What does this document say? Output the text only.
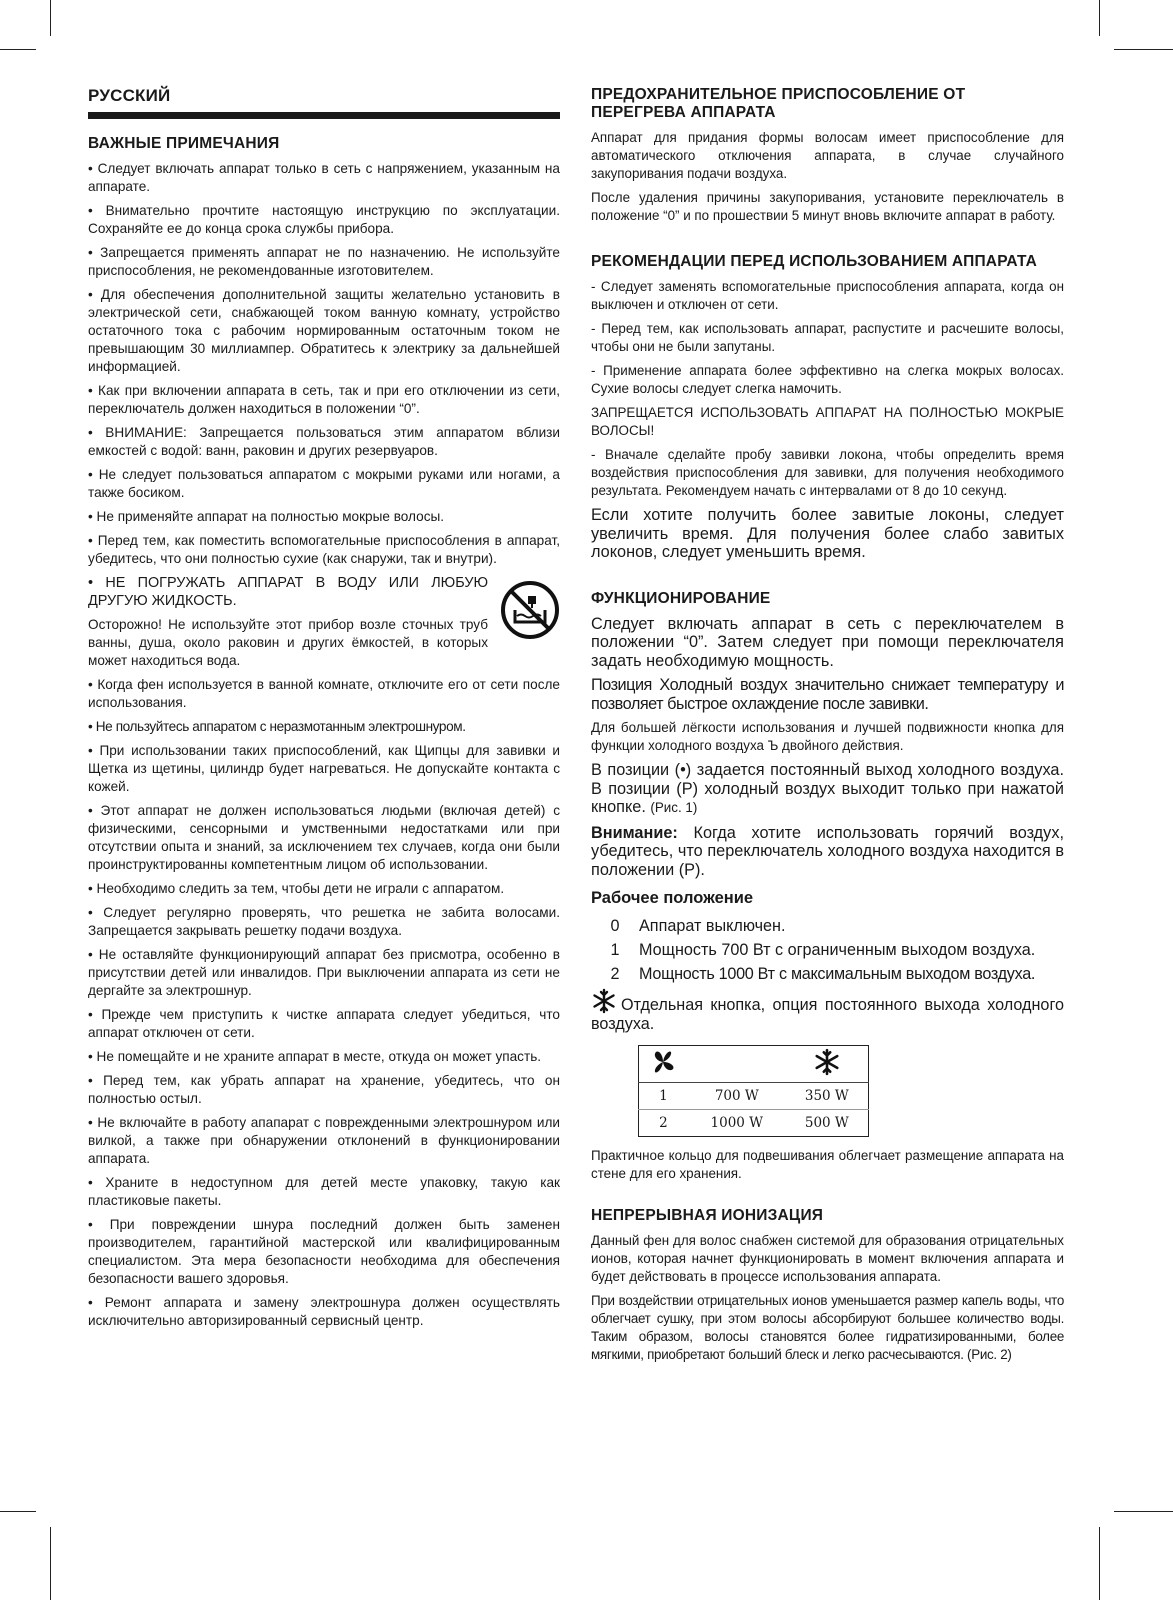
РУССКИЙ
ВАЖНЫЕ ПРИМЕЧАНИЯ

• Следует включать аппарат только в сеть с напряжением, указанным на аппарате.

• Внимательно прочтите настоящую инструкцию по эксплуатации. Сохраняйте ее до конца срока службы прибора.

• Запрещается применять аппарат не по назначению. Не используйте приспособления, не рекомендованные изготовителем.

• Для обеспечения дополнительной защиты желательно установить в электрической сети, снабжающей током ванную комнату, устройство остаточного тока с рабочим нормированным остаточным током не превышающим 30 миллиампер. Обратитесь к электрику за дальнейшей информацией.

• Как при включении аппарата в сеть, так и при его отключении из сети, переключатель должен находиться в положении “0”.

• ВНИМАНИЕ: Запрещается пользоваться этим аппаратом вблизи емкостей с водой: ванн, раковин и других резервуаров.

• Не следует пользоваться аппаратом с мокрыми руками или ногами, а также босиком.

• Не применяйте аппарат на полностью мокрые волосы.

• Перед тем, как поместить вспомогательные приспособления в аппарат, убедитесь, что они полностью сухие (как снаружи, так и внутри).

• НЕ ПОГРУЖАТЬ АППАРАТ В ВОДУ ИЛИ ЛЮБУЮ ДРУГУЮ ЖИДКОСТЬ.

Осторожно! Не используйте этот прибор возле сточных труб ванны, душа, около раковин и других ёмкостей, в которых может находиться вода.

• Когда фен используется в ванной комнате, отключите его от сети после использования.

• Не пользуйтесь аппаратом с неразмотанным электрошнуром.

• При использовании таких приспособлений, как Щипцы для завивки и Щетка из щетины, цилиндр будет нагреваться. Не допускайте контакта с кожей.

• Этот аппарат не должен использоваться людьми (включая детей) с физическими, сенсорными и умственными недостатками или при отсутствии опыта и знаний, за исключением тех случаев, когда они были проинструктированны компетентным лицом об использовании.

• Необходимо следить за тем, чтобы дети не играли с аппаратом.

• Следует регулярно проверять, что решетка не забита волосами. Запрещается закрывать решетку подачи воздуха.

• Не оставляйте функционирующий аппарат без присмотра, особенно в присутствии детей или инвалидов. При выключении аппарата из сети не дергайте за электрошнур.

• Прежде чем приступить к чистке аппарата следует убедиться, что аппарат отключен от сети.

• Не помещайте и не храните аппарат в месте, откуда он может упасть.

• Перед тем, как убрать аппарат на хранение, убедитесь, что он полностью остыл.

• Не включайте в работу апапарат с поврежденными электрошнуром или вилкой, а также при обнаружении отклонений в функционировании аппарата.

• Храните в недоступном для детей месте упаковку, такую как пластиковые пакеты.

• При повреждении шнура последний должен быть заменен производителем, гарантийной мастерской или квалифицированным специалистом. Эта мера безопасности необходима для обеспечения безопасности вашего здоровья.

• Ремонт аппарата и замену электрошнура должен осуществлять исключительно авторизированный сервисный центр.

ПРЕДОХРАНИТЕЛЬНОЕ ПРИСПОСОБЛЕНИЕ ОТ ПЕРЕГРЕВА АППАРАТА

Аппарат для придания формы волосам имеет приспособление для автоматического отключения аппарата, в случае случайного закупоривания подачи воздуха.

После удаления причины закупоривания, установите переключатель в положение “0” и по прошествии 5 минут вновь включите аппарат в работу.

РЕКОМЕНДАЦИИ ПЕРЕД ИСПОЛЬЗОВАНИЕМ АППАРАТА

- Следует заменять вспомогательные приспособления аппарата, когда он выключен и отключен от сети.

- Перед тем, как использовать аппарат, распустите и расчешите волосы, чтобы они не были запутаны.

- Применение аппарата более эффективно на слегка мокрых волосах. Сухие волосы следует слегка намочить.

ЗАПРЕЩАЕТСЯ ИСПОЛЬЗОВАТЬ АППАРАТ НА ПОЛНОСТЬЮ МОКРЫЕ ВОЛОСЫ!

- Вначале сделайте пробу завивки локона, чтобы определить время воздействия приспособления для завивки, для получения необходимого результата. Рекомендуем начать с интервалами от 8 до 10 секунд.

Если хотите получить более завитые локоны, следует увеличить время. Для получения более слабо завитых локонов, следует уменьшить время.

ФУНКЦИОНИРОВАНИЕ

Следует включать аппарат в сеть с переключателем в положении “0”. Затем следует при помощи переключателя задать необходимую мощность.

Позиция Холодный воздух значительно снижает температуру и позволяет быстрое охлаждение после завивки.

Для большей лёгкости использования и лучшей подвижности кнопка для функции холодного воздуха Ъ двойного действия.

В позиции (•) задается постоянный выход холодного воздуха. В позиции (Р) холодный воздух выходит только при нажатой кнопке. (Рис. 1)

Внимание: Когда хотите использовать горячий воздух, убедитесь, что переключатель холодного воздуха находится в положении (Р).

Рабочее положение
0	Аппарат выключен.
1	Мощность 700 Вт с ограниченным выходом воздуха.
2	Мощность 1000 Вт с максимальным выходом воздуха.

Отдельная кнопка, опция постоянного выхода холодного воздуха.

1	700 W	350 W
2	1000 W	500 W

Практичное кольцо для подвешивания облегчает размещение аппарата на стене для его хранения.

НЕПРЕРЫВНАЯ ИОНИЗАЦИЯ

Данный фен для волос снабжен системой для образования отрицательных ионов, которая начнет функционировать в момент включения аппарата и будет действовать в процессе использования аппарата.

При воздействии отрицательных ионов уменьшается размер капель воды, что облегчает сушку, при этом волосы абсорбируют большее количество воды. Таким образом, волосы становятся более гидратизированными, более мягкими, приобретают больший блеск и легко расчесываются. (Рис. 2)
